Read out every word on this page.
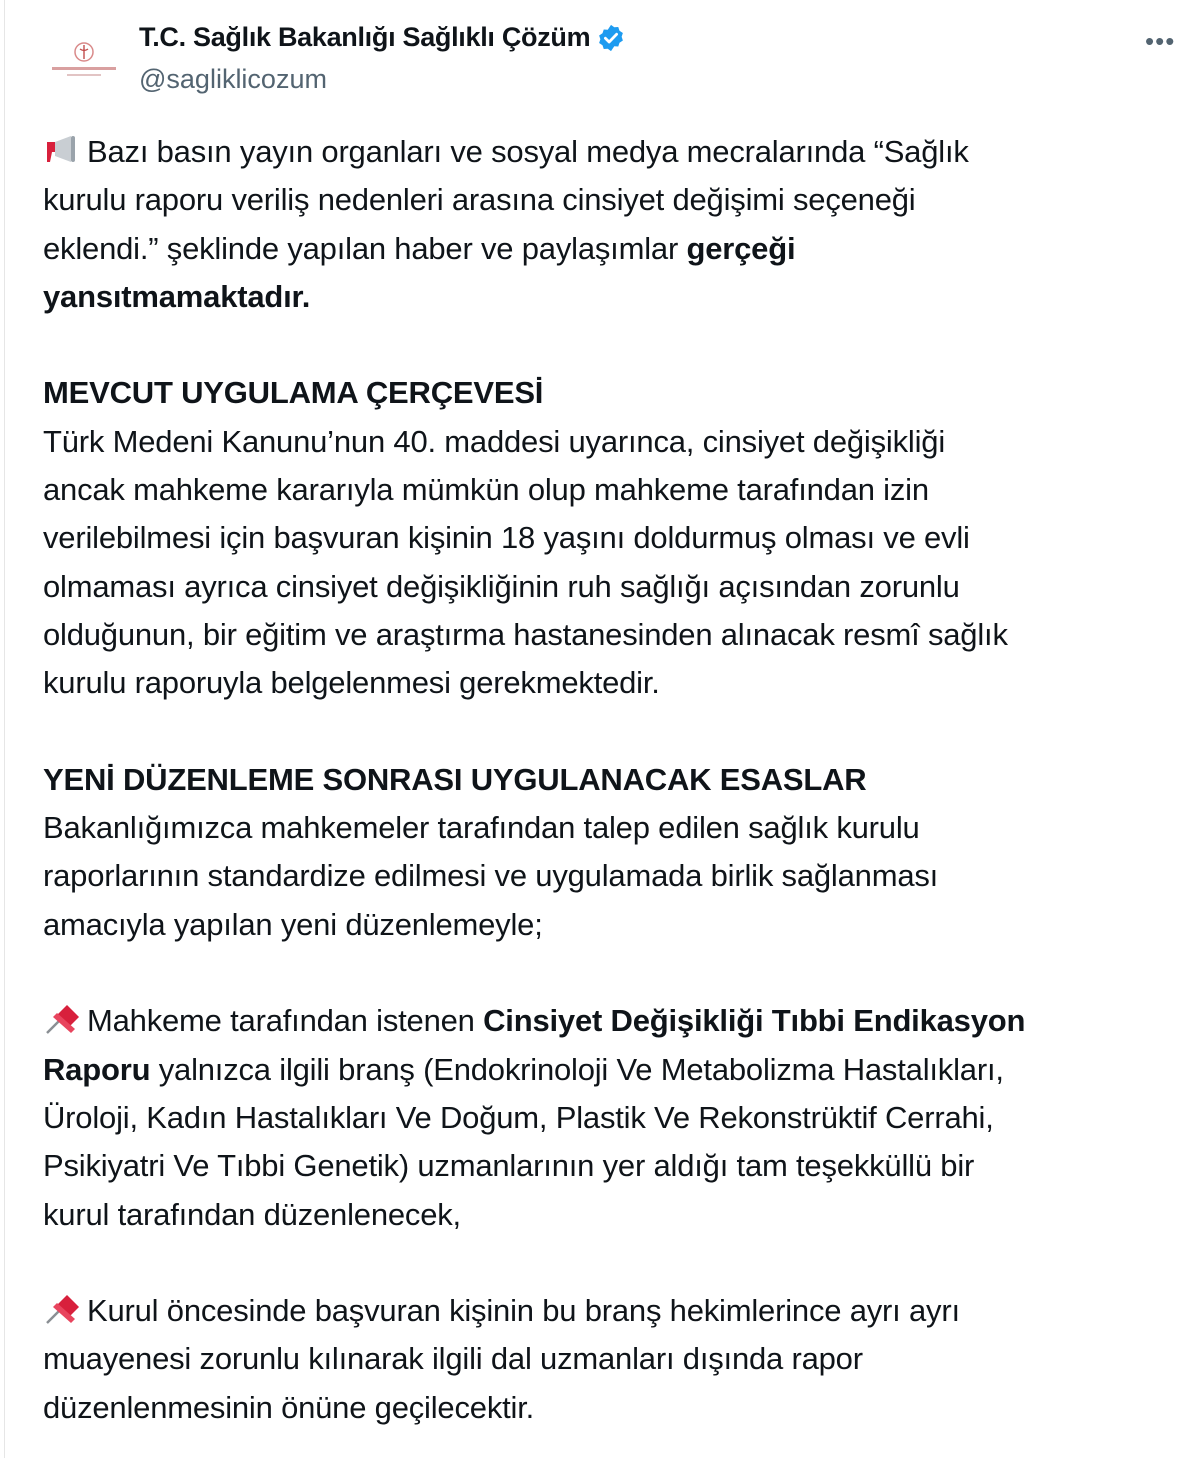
T.C. Sağlık Bakanlığı Sağlıklı Çözüm
@sagliklicozum
•••
Bazı basın yayın organları ve sosyal medya mecralarında “Sağlık
kurulu raporu veriliş nedenleri arasına cinsiyet değişimi seçeneği
eklendi.” şeklinde yapılan haber ve paylaşımlar gerçeği
yansıtmamaktadır.
MEVCUT UYGULAMA ÇERÇEVESİ
Türk Medeni Kanunu’nun 40. maddesi uyarınca, cinsiyet değişikliği
ancak mahkeme kararıyla mümkün olup mahkeme tarafından izin
verilebilmesi için başvuran kişinin 18 yaşını doldurmuş olması ve evli
olmaması ayrıca cinsiyet değişikliğinin ruh sağlığı açısından zorunlu
olduğunun, bir eğitim ve araştırma hastanesinden alınacak resmî sağlık
kurulu raporuyla belgelenmesi gerekmektedir.
YENİ DÜZENLEME SONRASI UYGULANACAK ESASLAR
Bakanlığımızca mahkemeler tarafından talep edilen sağlık kurulu
raporlarının standardize edilmesi ve uygulamada birlik sağlanması
amacıyla yapılan yeni düzenlemeyle;
Mahkeme tarafından istenen Cinsiyet Değişikliği Tıbbi Endikasyon
Raporu yalnızca ilgili branş (Endokrinoloji Ve Metabolizma Hastalıkları,
Üroloji, Kadın Hastalıkları Ve Doğum, Plastik Ve Rekonstrüktif Cerrahi,
Psikiyatri Ve Tıbbi Genetik) uzmanlarının yer aldığı tam teşekküllü bir
kurul tarafından düzenlenecek,
Kurul öncesinde başvuran kişinin bu branş hekimlerince ayrı ayrı
muayenesi zorunlu kılınarak ilgili dal uzmanları dışında rapor
düzenlenmesinin önüne geçilecektir.
